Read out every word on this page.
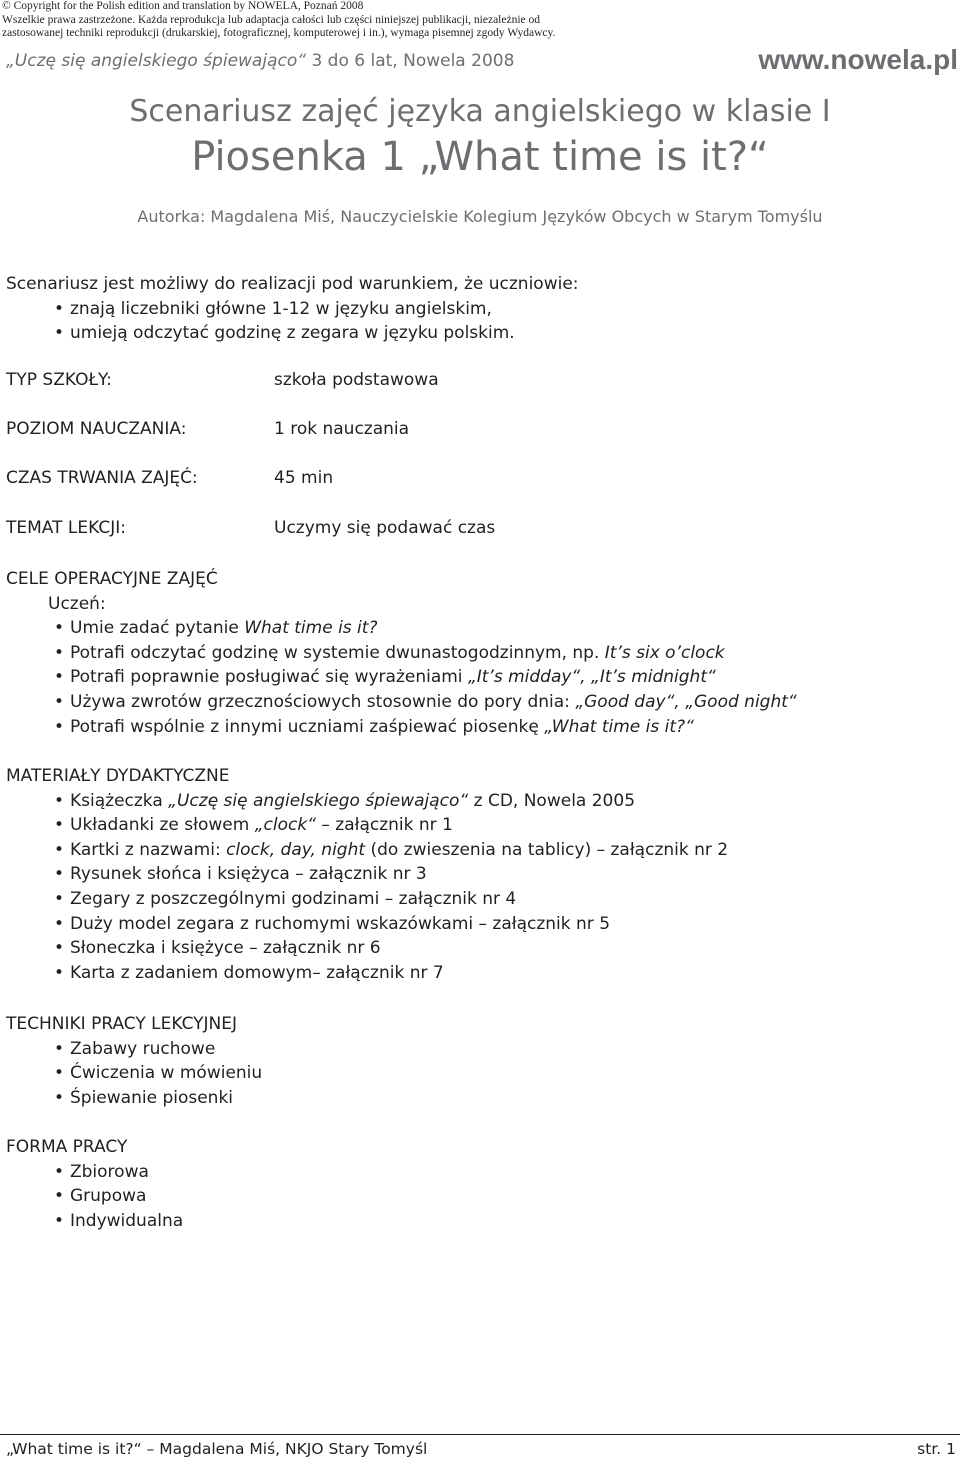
© Copyright for the Polish edition and translation by NOWELA, Poznań 2008
Wszelkie prawa zastrzeżone. Każda reprodukcja lub adaptacja całości lub części niniejszej publikacji, niezależnie od
zastosowanej techniki reprodukcji (drukarskiej, fotograficznej, komputerowej i in.), wymaga pisemnej zgody Wydawcy.
„Uczę się angielskiego śpiewająco“ 3 do 6 lat, Nowela 2008	www.nowela.pl
Scenariusz zajęć języka angielskiego w klasie I
Piosenka 1 „What time is it?“
Autorka: Magdalena Miś, Nauczycielskie Kolegium Języków Obcych w Starym Tomyślu
Scenariusz jest możliwy do realizacji pod warunkiem, że uczniowie:
• znają liczebniki główne 1-12 w języku angielskim,
• umieją odczytać godzinę z zegara w języku polskim.
TYP SZKOŁY:	szkoła podstawowa
POZIOM NAUCZANIA:	1 rok nauczania
CZAS TRWANIA ZAJĘĆ:	45 min
TEMAT LEKCJI:	Uczymy się podawać czas
CELE OPERACYJNE ZAJĘĆ
Uczeń:
• Umie zadać pytanie What time is it?
• Potrafi odczytać godzinę w systemie dwunastogodzinnym, np. It’s six o’clock
• Potrafi poprawnie posługiwać się wyrażeniami „It’s midday“, „It’s midnight“
• Używa zwrotów grzecznościowych stosownie do pory dnia: „Good day“, „Good night“
• Potrafi wspólnie z innymi uczniami zaśpiewać piosenkę „What time is it?“
MATERIAŁY DYDAKTYCZNE
• Książeczka „Uczę się angielskiego śpiewająco“ z CD, Nowela 2005
• Układanki ze słowem „clock“ – załącznik nr 1
• Kartki z nazwami: clock, day, night (do zwieszenia na tablicy) – załącznik nr 2
• Rysunek słońca i księżyca – załącznik nr 3
• Zegary z poszczególnymi godzinami – załącznik nr 4
• Duży model zegara z ruchomymi wskazówkami – załącznik nr 5
• Słoneczka i księżyce – załącznik nr 6
• Karta z zadaniem domowym– załącznik nr 7
TECHNIKI PRACY LEKCYJNEJ
• Zabawy ruchowe
• Ćwiczenia w mówieniu
• Śpiewanie piosenki
FORMA PRACY
• Zbiorowa
• Grupowa
• Indywidualna
„What time is it?“ – Magdalena Miś, NKJO Stary Tomyśl	str. 1
